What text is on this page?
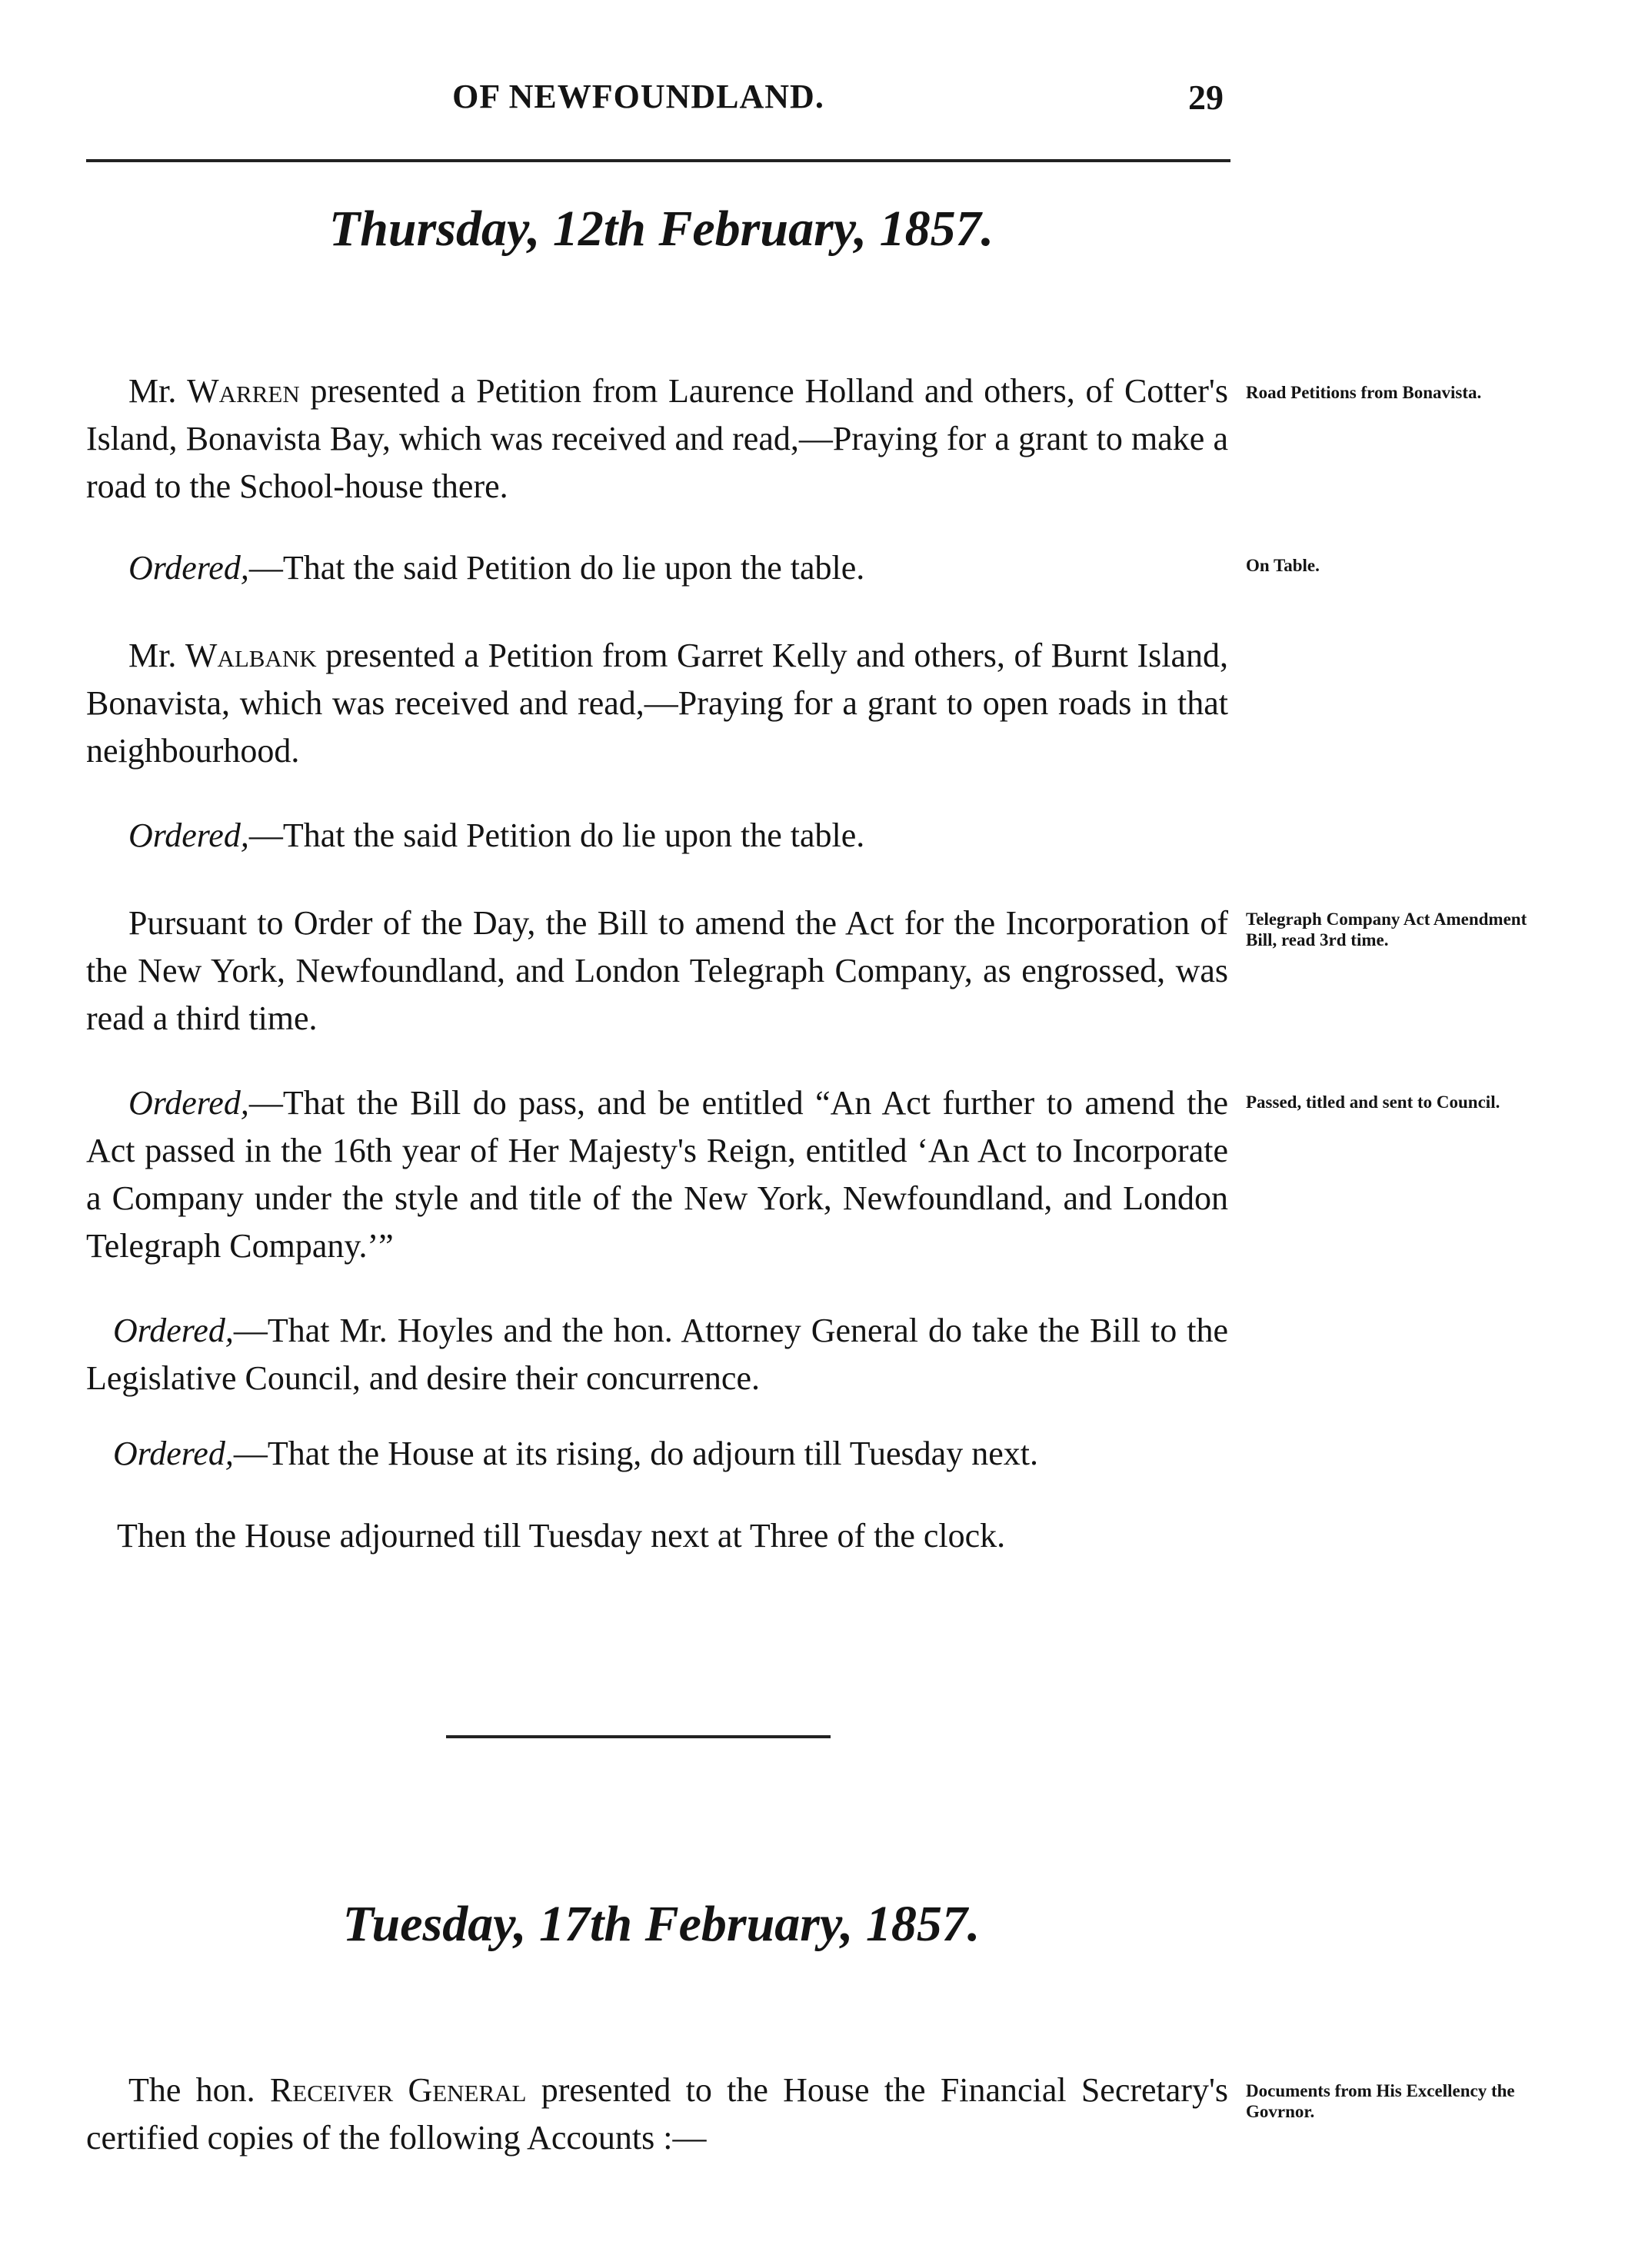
OF NEWFOUNDLAND.	29
Thursday, 12th February, 1857.
Mr. Warren presented a Petition from Laurence Holland and others, of Cotter's Island, Bonavista Bay, which was received and read,—Praying for a grant to make a road to the School-house there.
Road Petitions from Bonavista.
Ordered,—That the said Petition do lie upon the table.	On Table.
Mr. Walbank presented a Petition from Garret Kelly and others, of Burnt Island, Bonavista, which was received and read,—Praying for a grant to open roads in that neighbourhood.
Ordered,—That the said Petition do lie upon the table.
Pursuant to Order of the Day, the Bill to amend the Act for the Incorporation of the New York, Newfoundland, and London Telegraph Company, as engrossed, was read a third time.
Telegraph Company Act Amendment Bill, read 3rd time.
Ordered,—That the Bill do pass, and be entitled “An Act further to amend the Act passed in the 16th year of Her Majesty's Reign, entitled ‘An Act to Incorporate a Company under the style and title of the New York, Newfoundland, and London Telegraph Company.’”
Passed, titled and sent to Council.
Ordered,—That Mr. Hoyles and the hon. Attorney General do take the Bill to the Legislative Council, and desire their concurrence.
Ordered,—That the House at its rising, do adjourn till Tuesday next.
Then the House adjourned till Tuesday next at Three of the clock.
Tuesday, 17th February, 1857.
The hon. Receiver General presented to the House the Financial Secretary's certified copies of the following Accounts :—
Documents from His Excellency the Govrnor.
